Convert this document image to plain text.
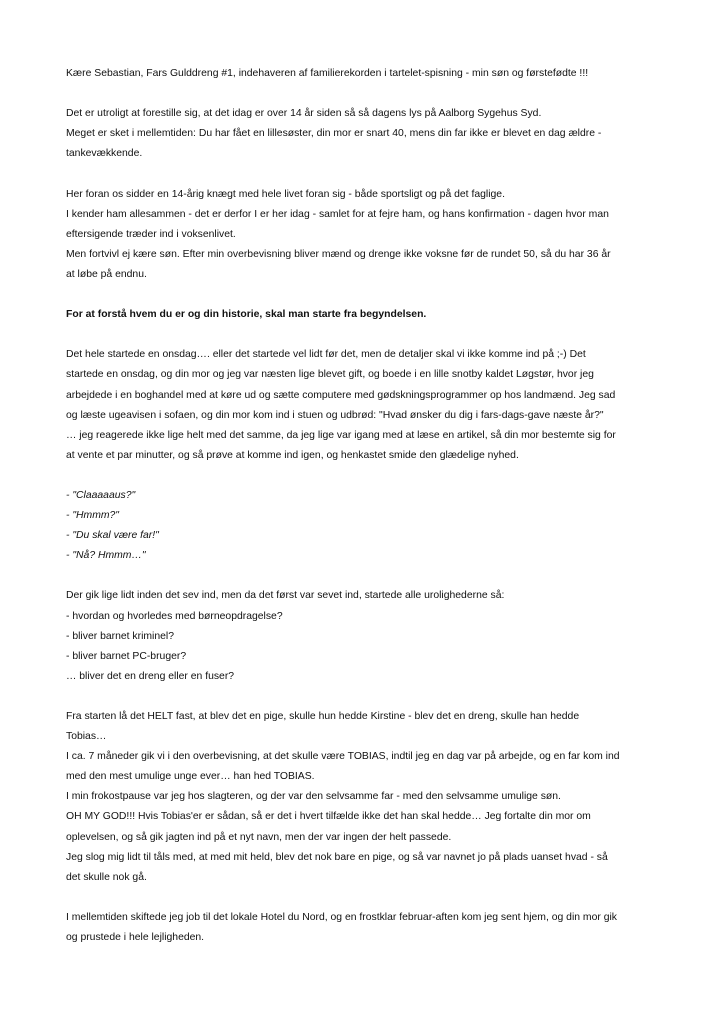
Kære Sebastian, Fars Gulddreng #1, indehaveren af familierekorden i tartelet-spisning - min søn og førstefødte !!!
Det er utroligt at forestille sig, at det idag er over 14 år siden så så dagens lys på Aalborg Sygehus Syd.
Meget er sket i mellemtiden: Du har fået en lillesøster, din mor er snart 40, mens din far ikke er blevet en dag ældre -
tankevækkende.
Her foran os sidder en 14-årig knægt med hele livet foran sig - både sportsligt og på det faglige.
I kender ham allesammen - det er derfor I er her idag - samlet for at fejre ham, og hans konfirmation - dagen hvor man
eftersigende træder ind i voksenlivet.
Men fortvivl ej kære søn. Efter min overbevisning bliver mænd og drenge ikke voksne før de rundet 50, så du har 36 år
at løbe på endnu.
For at forstå hvem du er og din historie, skal man starte fra begyndelsen.
Det hele startede en onsdag…. eller det startede vel lidt før det, men de detaljer skal vi ikke komme ind på ;-) Det
startede en onsdag, og din mor og jeg var næsten lige blevet gift, og boede i en lille snotby kaldet Løgstør, hvor jeg
arbejdede i en boghandel med at køre ud og sætte computere med gødskningsprogrammer op hos landmænd. Jeg sad
og læste ugeavisen i sofaen, og din mor kom ind i stuen og udbrød: "Hvad ønsker du dig i fars-dags-gave næste år?"
… jeg reagerede ikke lige helt med det samme, da jeg lige var igang med at læse en artikel, så din mor bestemte sig for
at vente et par minutter, og så prøve at komme ind igen, og henkastet smide den glædelige nyhed.
- "Claaaaaus?"
- "Hmmm?"
- "Du skal være far!"
- "Nå? Hmmm…"
Der gik lige lidt inden det sev ind, men da det først var sevet ind, startede alle urolighederne så:
- hvordan og hvorledes med børneopdragelse?
- bliver barnet kriminel?
- bliver barnet PC-bruger?
… bliver det en dreng eller en fuser?
Fra starten lå det HELT fast, at blev det en pige, skulle hun hedde Kirstine - blev det en dreng, skulle han hedde
Tobias…
I ca. 7 måneder gik vi i den overbevisning, at det skulle være TOBIAS, indtil jeg en dag var på arbejde, og en far kom ind
med den mest umulige unge ever… han hed TOBIAS.
I min frokostpause var jeg hos slagteren, og der var den selvsamme far - med den selvsamme umulige søn.
OH MY GOD!!! Hvis Tobias'er er sådan, så er det i hvert tilfælde ikke det han skal hedde… Jeg fortalte din mor om
oplevelsen, og så gik jagten ind på et nyt navn, men der var ingen der helt passede.
Jeg slog mig lidt til tåls med, at med mit held, blev det nok bare en pige, og så var navnet jo på plads uanset hvad - så
det skulle nok gå.
I mellemtiden skiftede jeg job til det lokale Hotel du Nord, og en frostklar februar-aften kom jeg sent hjem, og din mor gik
og prustede i hele lejligheden.
